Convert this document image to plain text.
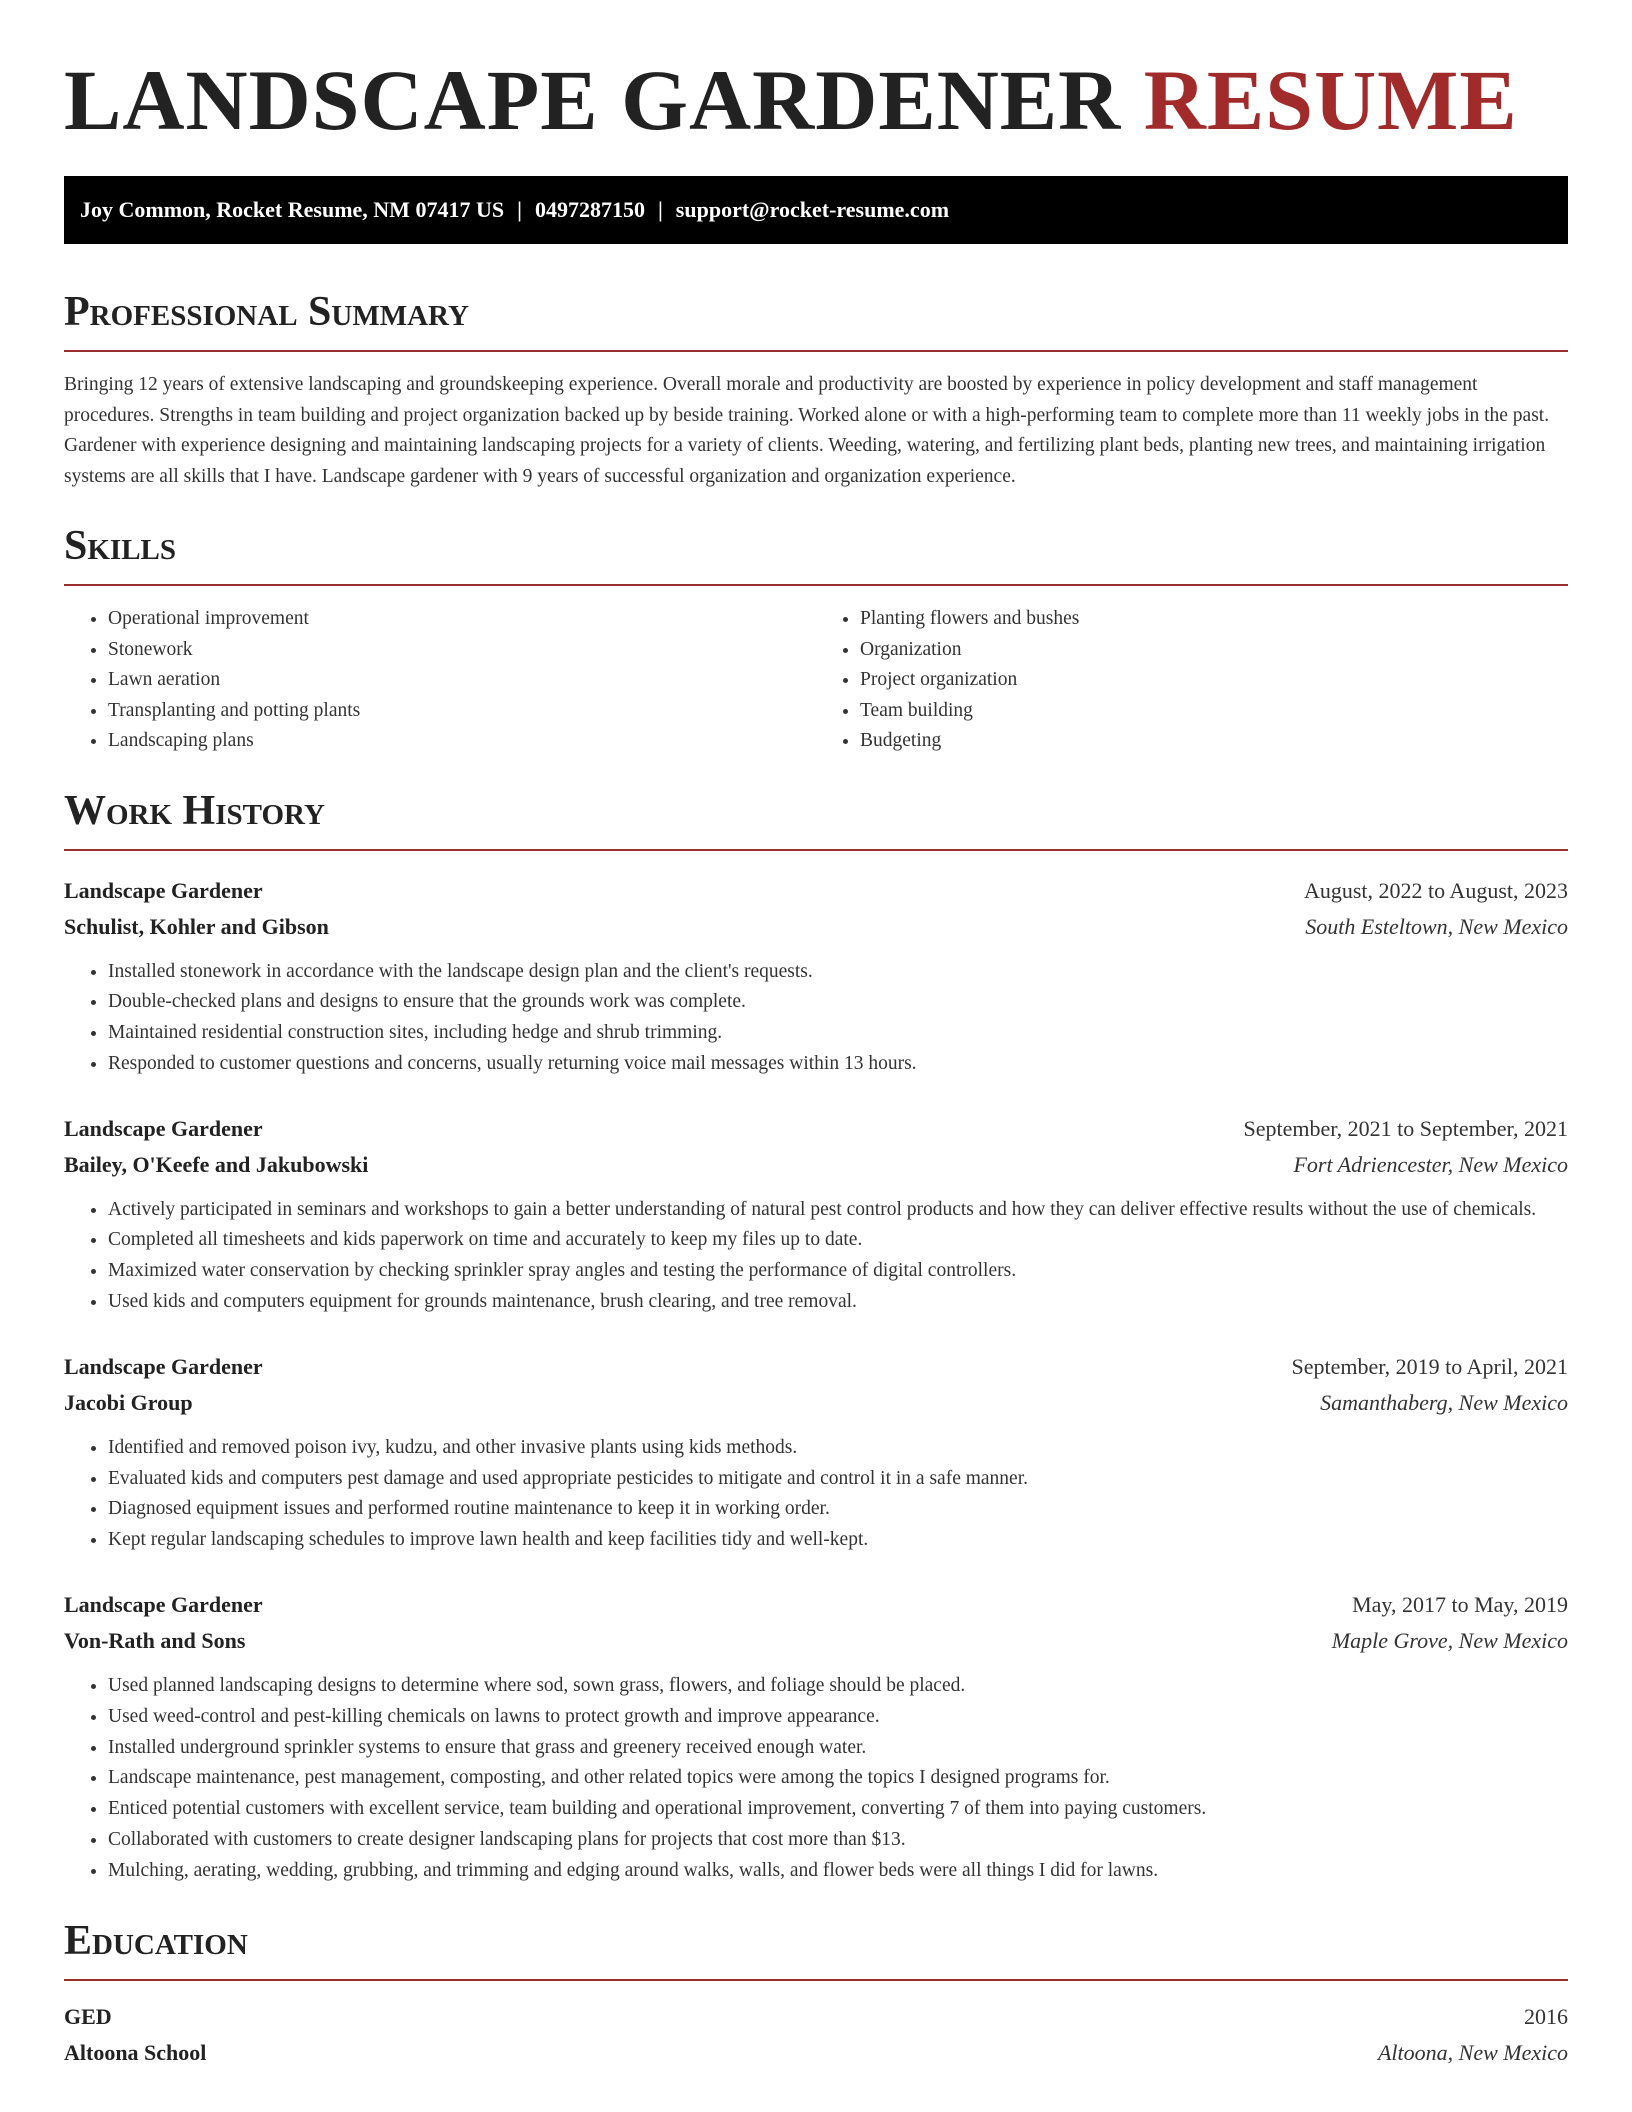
LANDSCAPE GARDENER RESUME
Joy Common, Rocket Resume, NM 07417 US | 0497287150 | support@rocket-resume.com
Professional Summary

Bringing 12 years of extensive landscaping and groundskeeping experience. Overall morale and productivity are boosted by experience in policy development and staff management procedures. Strengths in team building and project organization backed up by beside training. Worked alone or with a high-performing team to complete more than 11 weekly jobs in the past. Gardener with experience designing and maintaining landscaping projects for a variety of clients. Weeding, watering, and fertilizing plant beds, planting new trees, and maintaining irrigation systems are all skills that I have. Landscape gardener with 9 years of successful organization and organization experience.

Skills
• Operational improvement
• Stonework
• Lawn aeration
• Transplanting and potting plants
• Landscaping plans
• Planting flowers and bushes
• Organization
• Project organization
• Team building
• Budgeting
Work History
Landscape Gardener	August, 2022 to August, 2023
Schulist, Kohler and Gibson	South Esteltown, New Mexico
• Installed stonework in accordance with the landscape design plan and the client's requests.
• Double-checked plans and designs to ensure that the grounds work was complete.
• Maintained residential construction sites, including hedge and shrub trimming.
• Responded to customer questions and concerns, usually returning voice mail messages within 13 hours.
Landscape Gardener	September, 2021 to September, 2021
Bailey, O'Keefe and Jakubowski	Fort Adriencester, New Mexico
• Actively participated in seminars and workshops to gain a better understanding of natural pest control products and how they can deliver effective results without the use of chemicals.
• Completed all timesheets and kids paperwork on time and accurately to keep my files up to date.
• Maximized water conservation by checking sprinkler spray angles and testing the performance of digital controllers.
• Used kids and computers equipment for grounds maintenance, brush clearing, and tree removal.
Landscape Gardener	September, 2019 to April, 2021
Jacobi Group	Samanthaberg, New Mexico
• Identified and removed poison ivy, kudzu, and other invasive plants using kids methods.
• Evaluated kids and computers pest damage and used appropriate pesticides to mitigate and control it in a safe manner.
• Diagnosed equipment issues and performed routine maintenance to keep it in working order.
• Kept regular landscaping schedules to improve lawn health and keep facilities tidy and well-kept.
Landscape Gardener	May, 2017 to May, 2019
Von-Rath and Sons	Maple Grove, New Mexico
• Used planned landscaping designs to determine where sod, sown grass, flowers, and foliage should be placed.
• Used weed-control and pest-killing chemicals on lawns to protect growth and improve appearance.
• Installed underground sprinkler systems to ensure that grass and greenery received enough water.
• Landscape maintenance, pest management, composting, and other related topics were among the topics I designed programs for.
• Enticed potential customers with excellent service, team building and operational improvement, converting 7 of them into paying customers.
• Collaborated with customers to create designer landscaping plans for projects that cost more than $13.
• Mulching, aerating, wedding, grubbing, and trimming and edging around walks, walls, and flower beds were all things I did for lawns.
Education
GED	2016
Altoona School	Altoona, New Mexico
